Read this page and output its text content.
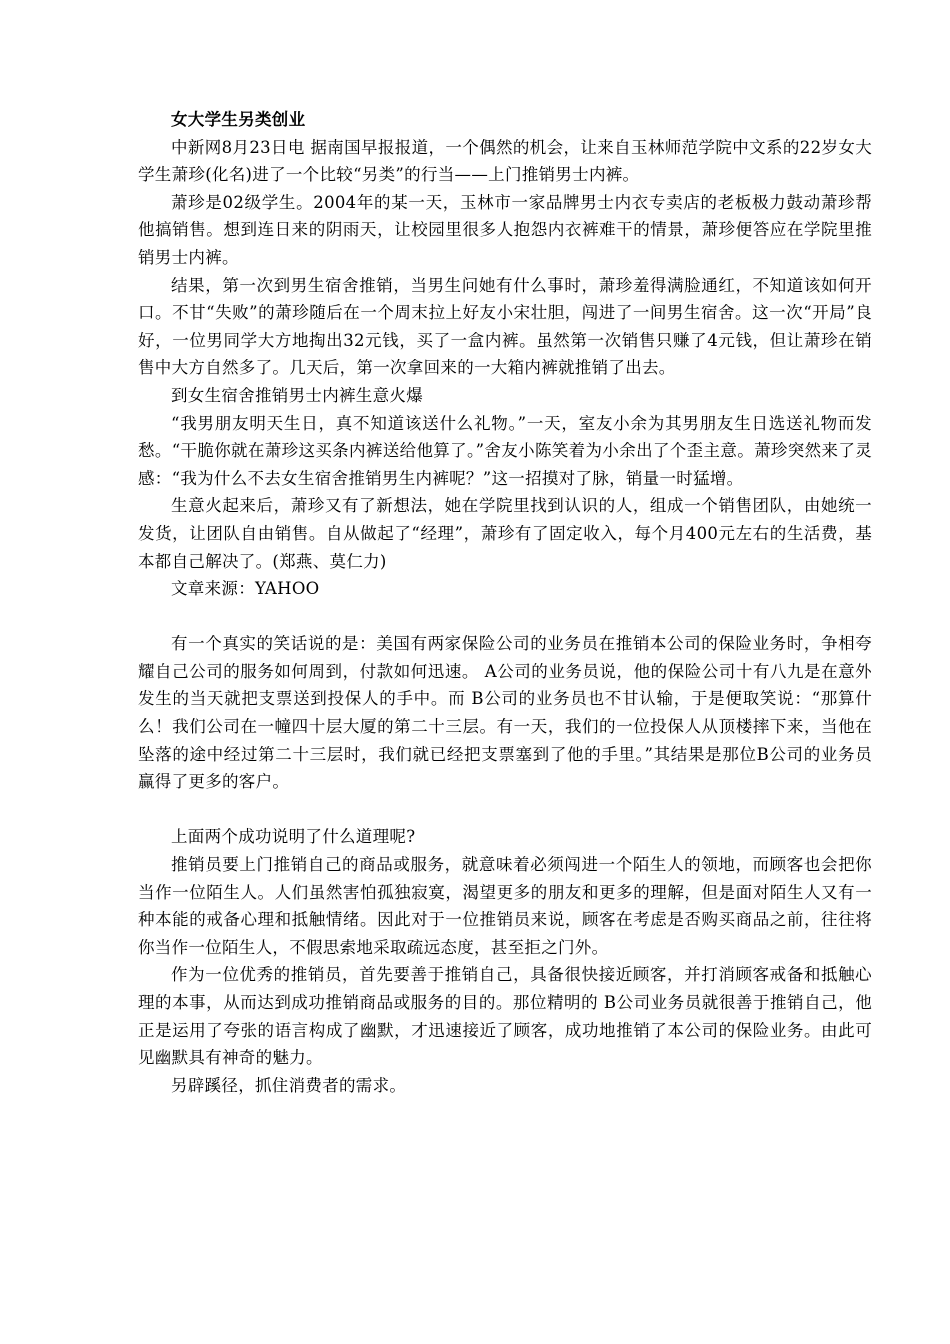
女大学生另类创业

中新网8月23日电 据南国早报报道，一个偶然的机会，让来自玉林师范学院中文系的22岁女大学生萧珍(化名)进了一个比较“另类”的行当——上门推销男士内裤。

萧珍是02级学生。2004年的某一天，玉林市一家品牌男士内衣专卖店的老板极力鼓动萧珍帮他搞销售。想到连日来的阴雨天，让校园里很多人抱怨内衣裤难干的情景，萧珍便答应在学院里推销男士内裤。

结果，第一次到男生宿舍推销，当男生问她有什么事时，萧珍羞得满脸通红，不知道该如何开口。不甘“失败”的萧珍随后在一个周末拉上好友小宋壮胆，闯进了一间男生宿舍。这一次“开局”良好，一位男同学大方地掏出32元钱，买了一盒内裤。虽然第一次销售只赚了4元钱，但让萧珍在销售中大方自然多了。几天后，第一次拿回来的一大箱内裤就推销了出去。

到女生宿舍推销男士内裤生意火爆

“我男朋友明天生日，真不知道该送什么礼物。”一天，室友小余为其男朋友生日选送礼物而发愁。“干脆你就在萧珍这买条内裤送给他算了。”舍友小陈笑着为小余出了个歪主意。萧珍突然来了灵感：“我为什么不去女生宿舍推销男生内裤呢？”这一招摸对了脉，销量一时猛增。

生意火起来后，萧珍又有了新想法，她在学院里找到认识的人，组成一个销售团队，由她统一发货，让团队自由销售。自从做起了“经理”，萧珍有了固定收入，每个月400元左右的生活费，基本都自己解决了。(郑燕、莫仁力)

文章来源：YAHOO

有一个真实的笑话说的是：美国有两家保险公司的业务员在推销本公司的保险业务时，争相夸耀自己公司的服务如何周到，付款如何迅速。 A公司的业务员说，他的保险公司十有八九是在意外发生的当天就把支票送到投保人的手中。而 B公司的业务员也不甘认输，于是便取笑说：“那算什么！我们公司在一幢四十层大厦的第二十三层。有一天，我们的一位投保人从顶楼摔下来，当他在坠落的途中经过第二十三层时，我们就已经把支票塞到了他的手里。”其结果是那位B公司的业务员赢得了更多的客户。

上面两个成功说明了什么道理呢?

推销员要上门推销自己的商品或服务，就意味着必须闯进一个陌生人的领地，而顾客也会把你当作一位陌生人。人们虽然害怕孤独寂寞，渴望更多的朋友和更多的理解，但是面对陌生人又有一种本能的戒备心理和抵触情绪。因此对于一位推销员来说，顾客在考虑是否购买商品之前，往往将你当作一位陌生人，不假思索地采取疏远态度，甚至拒之门外。

作为一位优秀的推销员，首先要善于推销自己，具备很快接近顾客，并打消顾客戒备和抵触心理的本事，从而达到成功推销商品或服务的目的。那位精明的 B公司业务员就很善于推销自己，他正是运用了夸张的语言构成了幽默，才迅速接近了顾客，成功地推销了本公司的保险业务。由此可见幽默具有神奇的魅力。

另辟蹊径，抓住消费者的需求。
